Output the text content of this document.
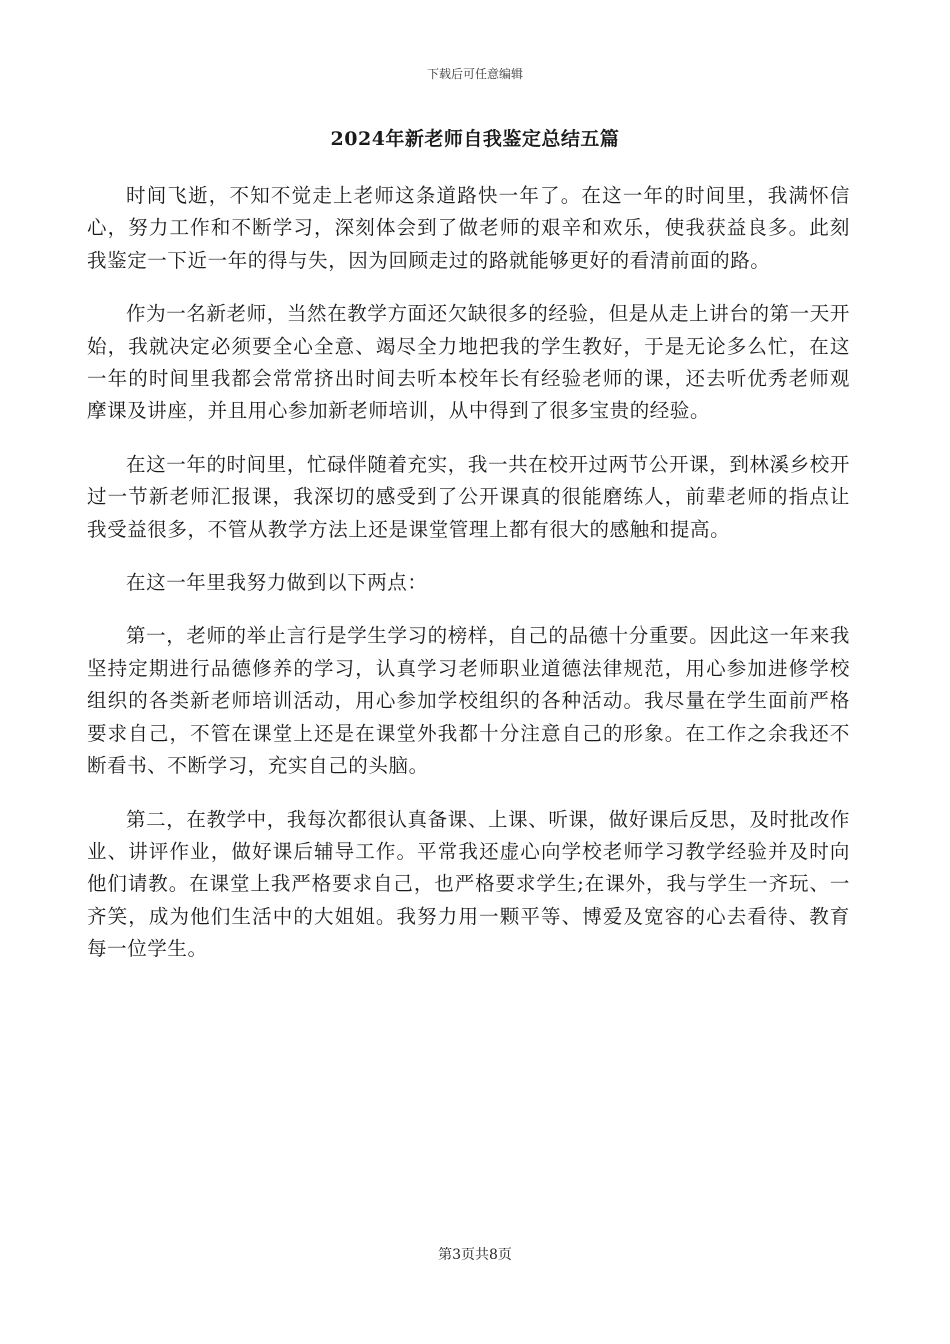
下载后可任意编辑
2024年新老师自我鉴定总结五篇

时间飞逝，不知不觉走上老师这条道路快一年了。在这一年的时间里，我满怀信心，努力工作和不断学习，深刻体会到了做老师的艰辛和欢乐，使我获益良多。此刻我鉴定一下近一年的得与失，因为回顾走过的路就能够更好的看清前面的路。

作为一名新老师，当然在教学方面还欠缺很多的经验，但是从走上讲台的第一天开始，我就决定必须要全心全意、竭尽全力地把我的学生教好，于是无论多么忙，在这一年的时间里我都会常常挤出时间去听本校年长有经验老师的课，还去听优秀老师观摩课及讲座，并且用心参加新老师培训，从中得到了很多宝贵的经验。

在这一年的时间里，忙碌伴随着充实，我一共在校开过两节公开课，到林溪乡校开过一节新老师汇报课，我深切的感受到了公开课真的很能磨练人，前辈老师的指点让我受益很多，不管从教学方法上还是课堂管理上都有很大的感触和提高。

在这一年里我努力做到以下两点：

第一，老师的举止言行是学生学习的榜样，自己的品德十分重要。因此这一年来我坚持定期进行品德修养的学习，认真学习老师职业道德法律规范，用心参加进修学校组织的各类新老师培训活动，用心参加学校组织的各种活动。我尽量在学生面前严格要求自己，不管在课堂上还是在课堂外我都十分注意自己的形象。在工作之余我还不断看书、不断学习，充实自己的头脑。

第二，在教学中，我每次都很认真备课、上课、听课，做好课后反思，及时批改作业、讲评作业，做好课后辅导工作。平常我还虚心向学校老师学习教学经验并及时向他们请教。在课堂上我严格要求自己，也严格要求学生;在课外，我与学生一齐玩、一齐笑，成为他们生活中的大姐姐。我努力用一颗平等、博爱及宽容的心去看待、教育每一位学生。

第3页共8页
